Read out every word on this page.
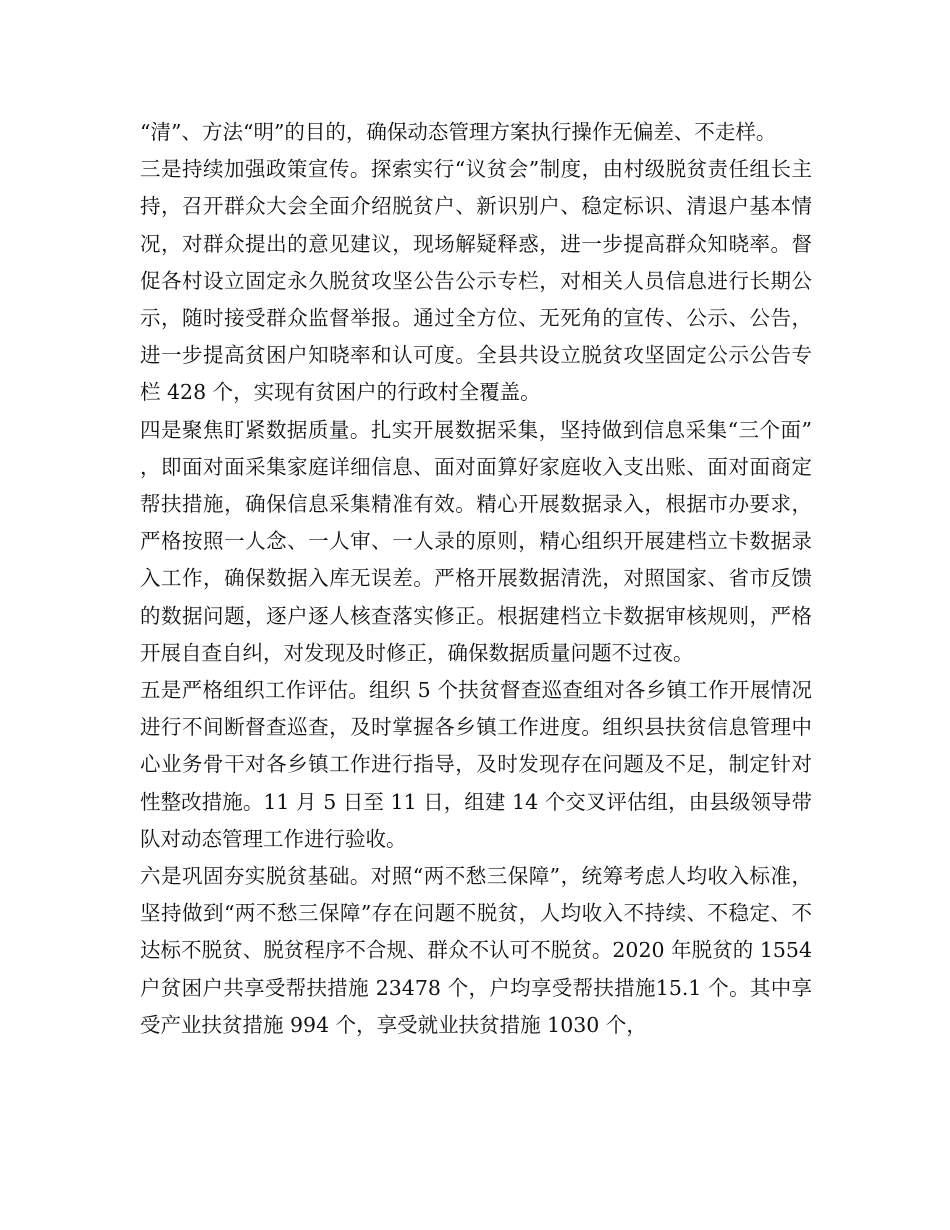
“清”、方法“明”的目的，确保动态管理方案执行操作无偏差、不走样。

三是持续加强政策宣传。探索实行“议贫会”制度，由村级脱贫责任组长主持，召开群众大会全面介绍脱贫户、新识别户、稳定标识、清退户基本情况，对群众提出的意见建议，现场解疑释惑，进一步提高群众知晓率。督促各村设立固定永久脱贫攻坚公告公示专栏，对相关人员信息进行长期公示，随时接受群众监督举报。通过全方位、无死角的宣传、公示、公告，进一步提高贫困户知晓率和认可度。全县共设立脱贫攻坚固定公示公告专栏 428 个，实现有贫困户的行政村全覆盖。

四是聚焦盯紧数据质量。扎实开展数据采集，坚持做到信息采集“三个面”，即面对面采集家庭详细信息、面对面算好家庭收入支出账、面对面商定帮扶措施，确保信息采集精准有效。精心开展数据录入，根据市办要求，严格按照一人念、一人审、一人录的原则，精心组织开展建档立卡数据录入工作，确保数据入库无误差。严格开展数据清洗，对照国家、省市反馈的数据问题，逐户逐人核查落实修正。根据建档立卡数据审核规则，严格开展自查自纠，对发现及时修正，确保数据质量问题不过夜。

五是严格组织工作评估。组织 5 个扶贫督查巡查组对各乡镇工作开展情况进行不间断督查巡查，及时掌握各乡镇工作进度。组织县扶贫信息管理中心业务骨干对各乡镇工作进行指导，及时发现存在问题及不足，制定针对性整改措施。11 月 5 日至 11 日，组建 14 个交叉评估组，由县级领导带队对动态管理工作进行验收。

六是巩固夯实脱贫基础。对照“两不愁三保障”，统筹考虑人均收入标准，坚持做到“两不愁三保障”存在问题不脱贫，人均收入不持续、不稳定、不达标不脱贫、脱贫程序不合规、群众不认可不脱贫。2020 年脱贫的 1554 户贫困户共享受帮扶措施 23478 个，户均享受帮扶措施15.1 个。其中享受产业扶贫措施 994 个，享受就业扶贫措施 1030 个，
